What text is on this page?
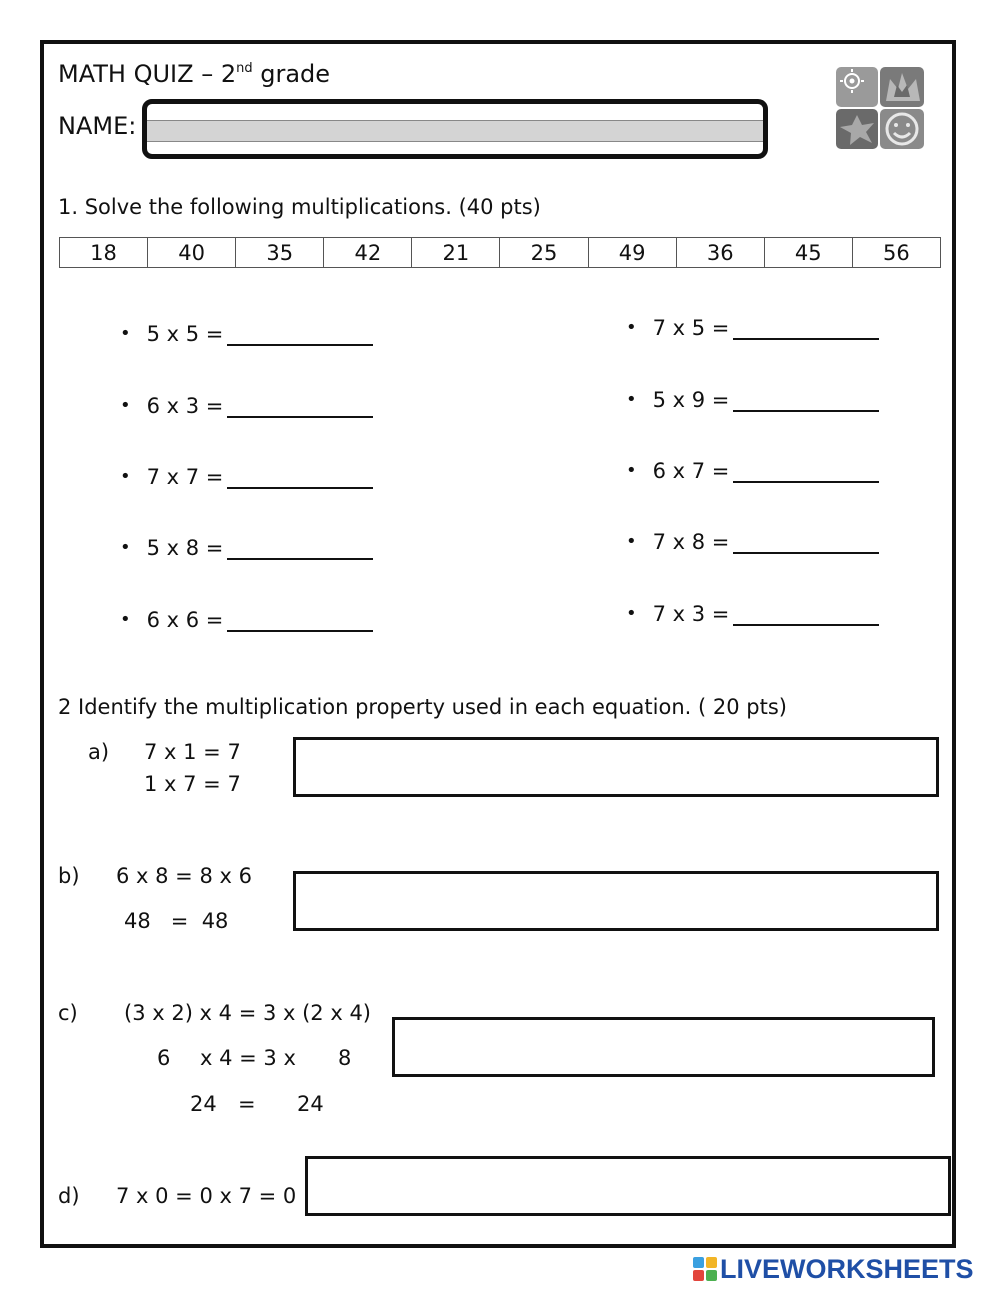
MATH QUIZ – 2nd grade
NAME:
1. Solve the following multiplications. (40 pts)
18	40	35	42	21	25	49	36	45	56
• 5 x 5 =
• 6 x 3 =
• 7 x 7 =
• 5 x 8 =
• 6 x 6 =
• 7 x 5 =
• 5 x 9 =
• 6 x 7 =
• 7 x 8 =
• 7 x 3 =
2 Identify the multiplication property used in each equation. ( 20 pts)
a) 7 x 1 = 7
1 x 7 = 7
b) 6 x 8 = 8 x 6
48   =  48
c) (3 x 2) x 4 = 3 x (2 x 4)
6 x 4 = 3 x 8
24 = 24
d) 7 x 0 = 0 x 7 = 0
LIVEWORKSHEETS
